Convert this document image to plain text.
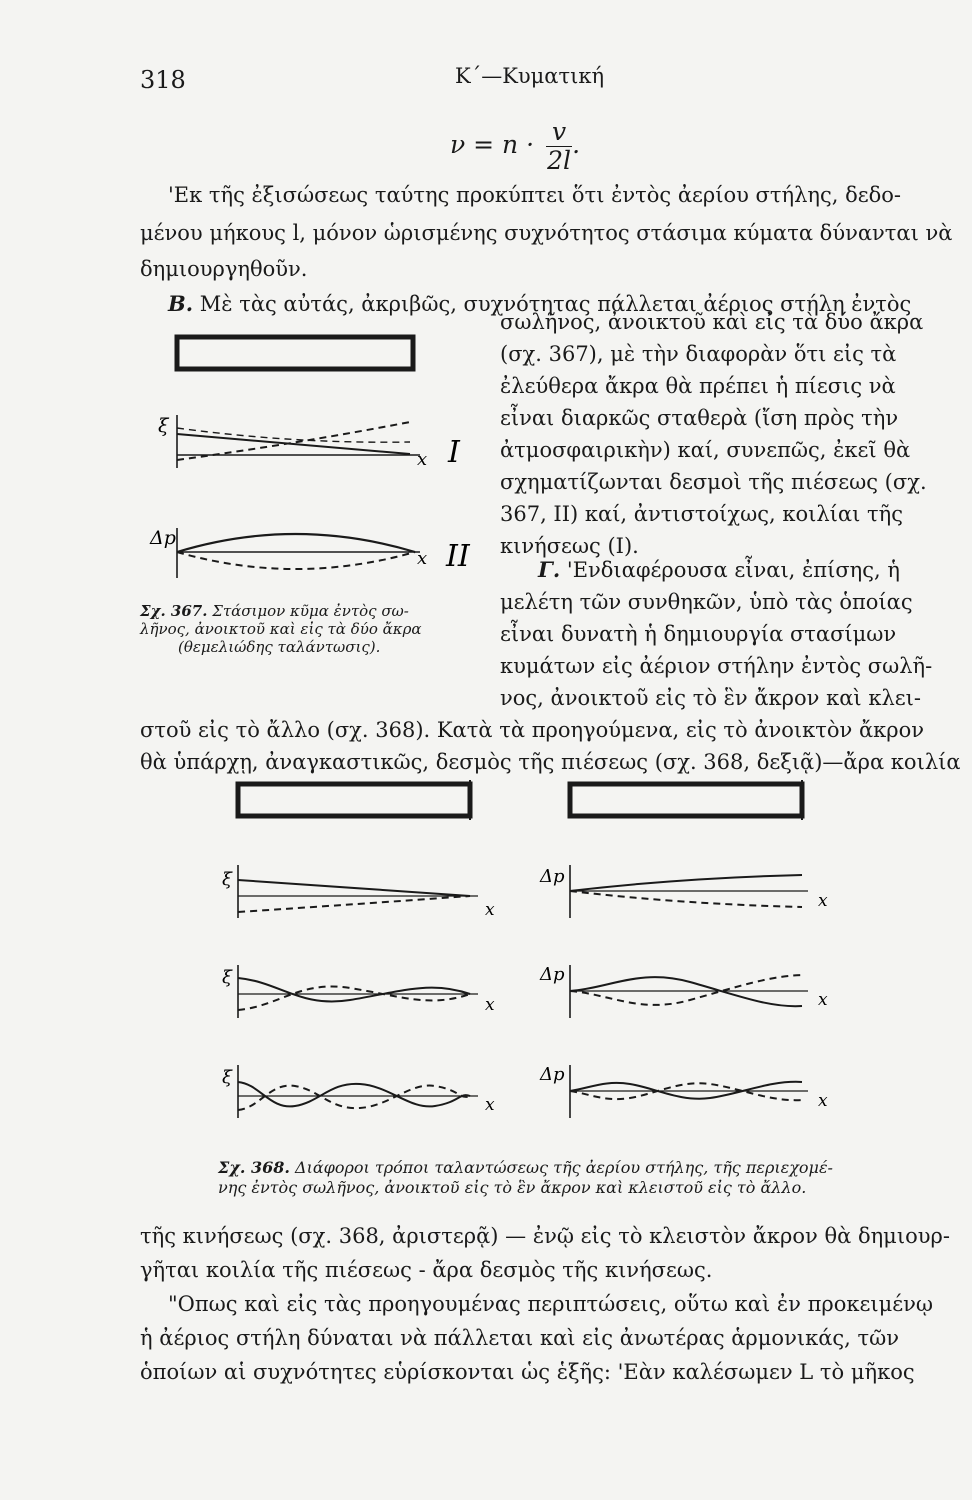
318	Κ΄—Κυματική
$\nu = n \cdot \frac{v}{2l}$ .
'Εκ τῆς ἐξισώσεως ταύτης προκύπτει ὅτι ἐντὸς ἀερίου στήλης, δεδο-
μένου μήκους l, μόνον ὡρισμένης συχνότητος στάσιμα κύματα δύνανται νὰ
δημιουργηθοῦν.
Β. Μὲ τὰς αὐτάς, ἀκριβῶς, συχνότητας πάλλεται ἀέριος στήλη ἐντὸς
σωλῆνος, ἀνοικτοῦ καὶ εἰς τὰ δύο ἄκρα
(σχ. 367), μὲ τὴν διαφορὰν ὅτι εἰς τὰ
ἐλεύθερα ἄκρα θὰ πρέπει ἡ πίεσις νὰ
εἶναι διαρκῶς σταθερὰ (ἴση πρὸς τὴν
ἀτμοσφαιρικὴν) καί, συνεπῶς, ἐκεῖ θὰ
σχηματίζωνται δεσμοὶ τῆς πιέσεως (σχ.
367, II) καί, ἀντιστοίχως, κοιλίαι τῆς
κινήσεως (I).
Γ. 'Ενδιαφέρουσα εἶναι, ἐπίσης, ἡ
μελέτη τῶν συνθηκῶν, ὑπὸ τὰς ὁποίας
εἶναι δυνατὴ ἡ δημιουργία στασίμων
κυμάτων εἰς ἀέριον στήλην ἐντὸς σωλῆ-
νος, ἀνοικτοῦ εἰς τὸ ἓν ἄκρον καὶ κλει-
στοῦ εἰς τὸ ἄλλο (σχ. 368). Κατὰ τὰ προηγούμενα, εἰς τὸ ἀνοικτὸν ἄκρον
θὰ ὑπάρχῃ, ἀναγκαστικῶς, δεσμὸς τῆς πιέσεως (σχ. 368, δεξιᾷ)—ἄρα κοιλία
ξ
x I
Δp
x II
Σχ. 367. Στάσιμον κῦμα ἐντὸς σω-
λῆνος, ἀνοικτοῦ καὶ εἰς τὰ δύο ἄκρα
(θεμελιώδης ταλάντωσις).
ξ
x
Δp
x
ξ
x
Δp
x
ξ
x
Δp
x
Σχ. 368. Διάφοροι τρόποι ταλαντώσεως τῆς ἀερίου στήλης, τῆς περιεχομέ-
νης ἐντὸς σωλῆνος, ἀνοικτοῦ εἰς τὸ ἓν ἄκρον καὶ κλειστοῦ εἰς τὸ ἄλλο.
τῆς κινήσεως (σχ. 368, ἀριστερᾷ) — ἐνῷ εἰς τὸ κλειστὸν ἄκρον θὰ δημιουρ-
γῆται κοιλία τῆς πιέσεως - ἄρα δεσμὸς τῆς κινήσεως.
"Οπως καὶ εἰς τὰς προηγουμένας περιπτώσεις, οὕτω καὶ ἐν προκειμένῳ
ἡ ἀέριος στήλη δύναται νὰ πάλλεται καὶ εἰς ἀνωτέρας ἁρμονικάς, τῶν
ὁποίων αἱ συχνότητες εὑρίσκονται ὡς ἑξῆς: 'Εὰν καλέσωμεν L τὸ μῆκος
